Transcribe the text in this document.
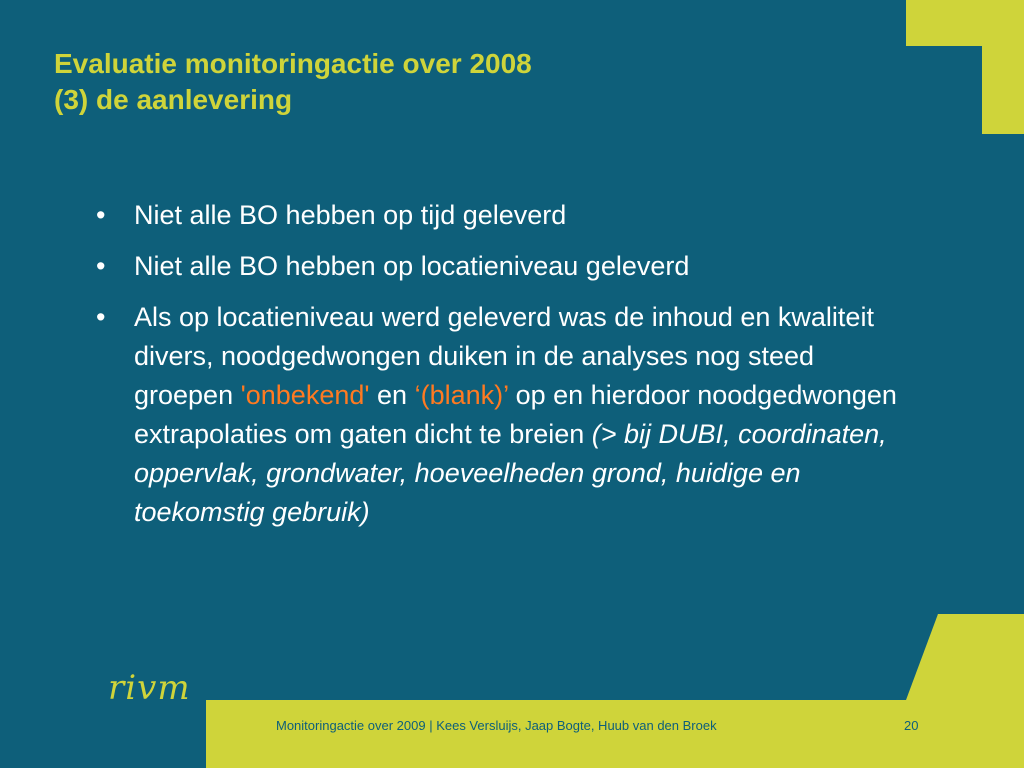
Evaluatie monitoringactie over 2008
(3) de aanlevering
• Niet alle BO hebben op tijd geleverd
• Niet alle BO hebben op locatieniveau geleverd
• Als op locatieniveau werd geleverd was de inhoud en kwaliteit divers, noodgedwongen duiken in de analyses nog steed groepen 'onbekend' en ‘(blank)’ op en hierdoor noodgedwongen extrapolaties om gaten dicht te breien (> bij DUBI, coordinaten, oppervlak, grondwater, hoeveelheden grond, huidige en toekomstig gebruik)
rivm
Monitoringactie over 2009 | Kees Versluijs, Jaap Bogte, Huub van den Broek	20
